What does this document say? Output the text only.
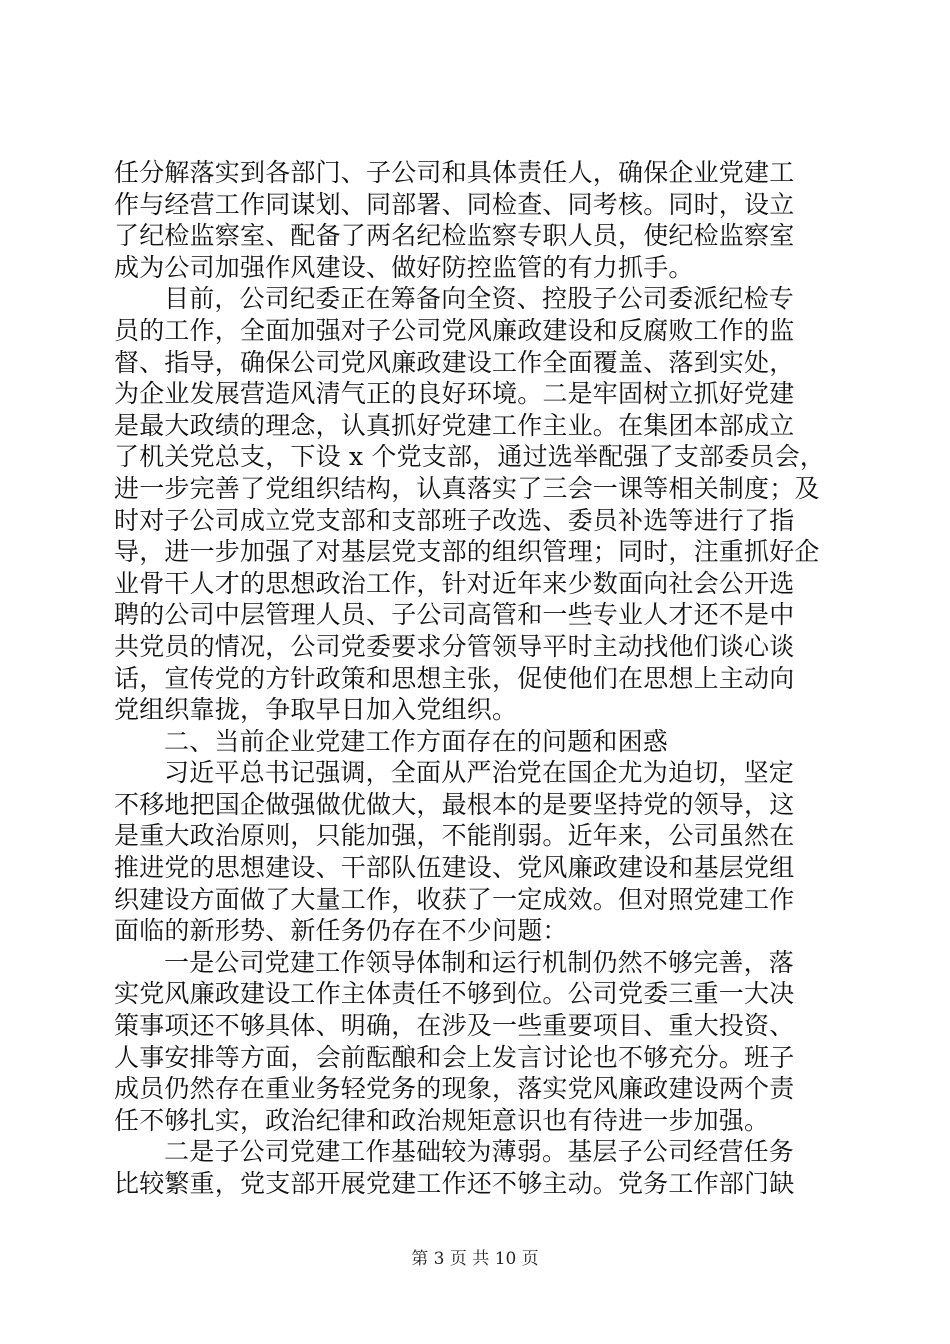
任分解落实到各部门、子公司和具体责任人，确保企业党建工
作与经营工作同谋划、同部署、同检查、同考核。同时，设立
了纪检监察室、配备了两名纪检监察专职人员，使纪检监察室
成为公司加强作风建设、做好防控监管的有力抓手。
目前，公司纪委正在筹备向全资、控股子公司委派纪检专
员的工作，全面加强对子公司党风廉政建设和反腐败工作的监
督、指导，确保公司党风廉政建设工作全面覆盖、落到实处，
为企业发展营造风清气正的良好环境。二是牢固树立抓好党建
是最大政绩的理念，认真抓好党建工作主业。在集团本部成立
了机关党总支，下设 x 个党支部，通过选举配强了支部委员会，
进一步完善了党组织结构，认真落实了三会一课等相关制度；及
时对子公司成立党支部和支部班子改选、委员补选等进行了指
导，进一步加强了对基层党支部的组织管理；同时，注重抓好企
业骨干人才的思想政治工作，针对近年来少数面向社会公开选
聘的公司中层管理人员、子公司高管和一些专业人才还不是中
共党员的情况，公司党委要求分管领导平时主动找他们谈心谈
话，宣传党的方针政策和思想主张，促使他们在思想上主动向
党组织靠拢，争取早日加入党组织。
二、当前企业党建工作方面存在的问题和困惑
习近平总书记强调，全面从严治党在国企尤为迫切，坚定
不移地把国企做强做优做大，最根本的是要坚持党的领导，这
是重大政治原则，只能加强，不能削弱。近年来，公司虽然在
推进党的思想建设、干部队伍建设、党风廉政建设和基层党组
织建设方面做了大量工作，收获了一定成效。但对照党建工作
面临的新形势、新任务仍存在不少问题：
一是公司党建工作领导体制和运行机制仍然不够完善，落
实党风廉政建设工作主体责任不够到位。公司党委三重一大决
策事项还不够具体、明确，在涉及一些重要项目、重大投资、
人事安排等方面，会前酝酿和会上发言讨论也不够充分。班子
成员仍然存在重业务轻党务的现象，落实党风廉政建设两个责
任不够扎实，政治纪律和政治规矩意识也有待进一步加强。
二是子公司党建工作基础较为薄弱。基层子公司经营任务
比较繁重，党支部开展党建工作还不够主动。党务工作部门缺
第 3 页 共 10 页
